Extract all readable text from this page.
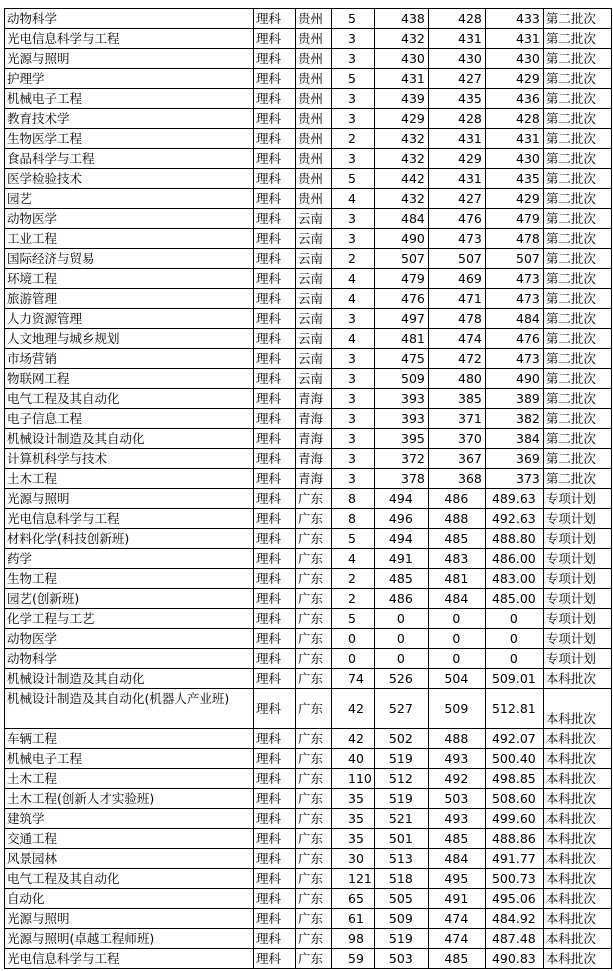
动物科学	理科	贵州	5	438	428	433	第二批次
光电信息科学与工程	理科	贵州	3	432	431	431	第二批次
光源与照明	理科	贵州	3	430	430	430	第二批次
护理学	理科	贵州	5	431	427	429	第二批次
机械电子工程	理科	贵州	3	439	435	436	第二批次
教育技术学	理科	贵州	3	429	428	428	第二批次
生物医学工程	理科	贵州	2	432	431	431	第二批次
食品科学与工程	理科	贵州	3	432	429	430	第二批次
医学检验技术	理科	贵州	5	442	431	435	第二批次
园艺	理科	贵州	4	432	427	429	第二批次
动物医学	理科	云南	3	484	476	479	第二批次
工业工程	理科	云南	3	490	473	478	第二批次
国际经济与贸易	理科	云南	2	507	507	507	第二批次
环境工程	理科	云南	4	479	469	473	第二批次
旅游管理	理科	云南	4	476	471	473	第二批次
人力资源管理	理科	云南	3	497	478	484	第二批次
人文地理与城乡规划	理科	云南	4	481	474	476	第二批次
市场营销	理科	云南	3	475	472	473	第二批次
物联网工程	理科	云南	3	509	480	490	第二批次
电气工程及其自动化	理科	青海	3	393	385	389	第二批次
电子信息工程	理科	青海	3	393	371	382	第二批次
机械设计制造及其自动化	理科	青海	3	395	370	384	第二批次
计算机科学与技术	理科	青海	3	372	367	369	第二批次
土木工程	理科	青海	3	378	368	373	第二批次
光源与照明	理科	广东	8	494	486	489.63	专项计划
光电信息科学与工程	理科	广东	8	496	488	492.63	专项计划
材料化学(科技创新班)	理科	广东	5	494	485	488.80	专项计划
药学	理科	广东	4	491	483	486.00	专项计划
生物工程	理科	广东	2	485	481	483.00	专项计划
园艺(创新班)	理科	广东	2	486	484	485.00	专项计划
化学工程与工艺	理科	广东	5	0	0	0	专项计划
动物医学	理科	广东	0	0	0	0	专项计划
动物科学	理科	广东	0	0	0	0	专项计划
机械设计制造及其自动化	理科	广东	74	526	504	509.01	本科批次
机械设计制造及其自动化(机器人产业班)	理科	广东	42	527	509	512.81	本科批次
车辆工程	理科	广东	42	502	488	492.07	本科批次
机械电子工程	理科	广东	40	519	493	500.40	本科批次
土木工程	理科	广东	110	512	492	498.85	本科批次
土木工程(创新人才实验班)	理科	广东	35	519	503	508.60	本科批次
建筑学	理科	广东	35	521	493	499.60	本科批次
交通工程	理科	广东	35	501	485	488.86	本科批次
风景园林	理科	广东	30	513	484	491.77	本科批次
电气工程及其自动化	理科	广东	121	518	495	500.73	本科批次
自动化	理科	广东	65	505	491	495.06	本科批次
光源与照明	理科	广东	61	509	474	484.92	本科批次
光源与照明(卓越工程师班)	理科	广东	98	519	474	487.48	本科批次
光电信息科学与工程	理科	广东	59	503	485	490.83	本科批次
